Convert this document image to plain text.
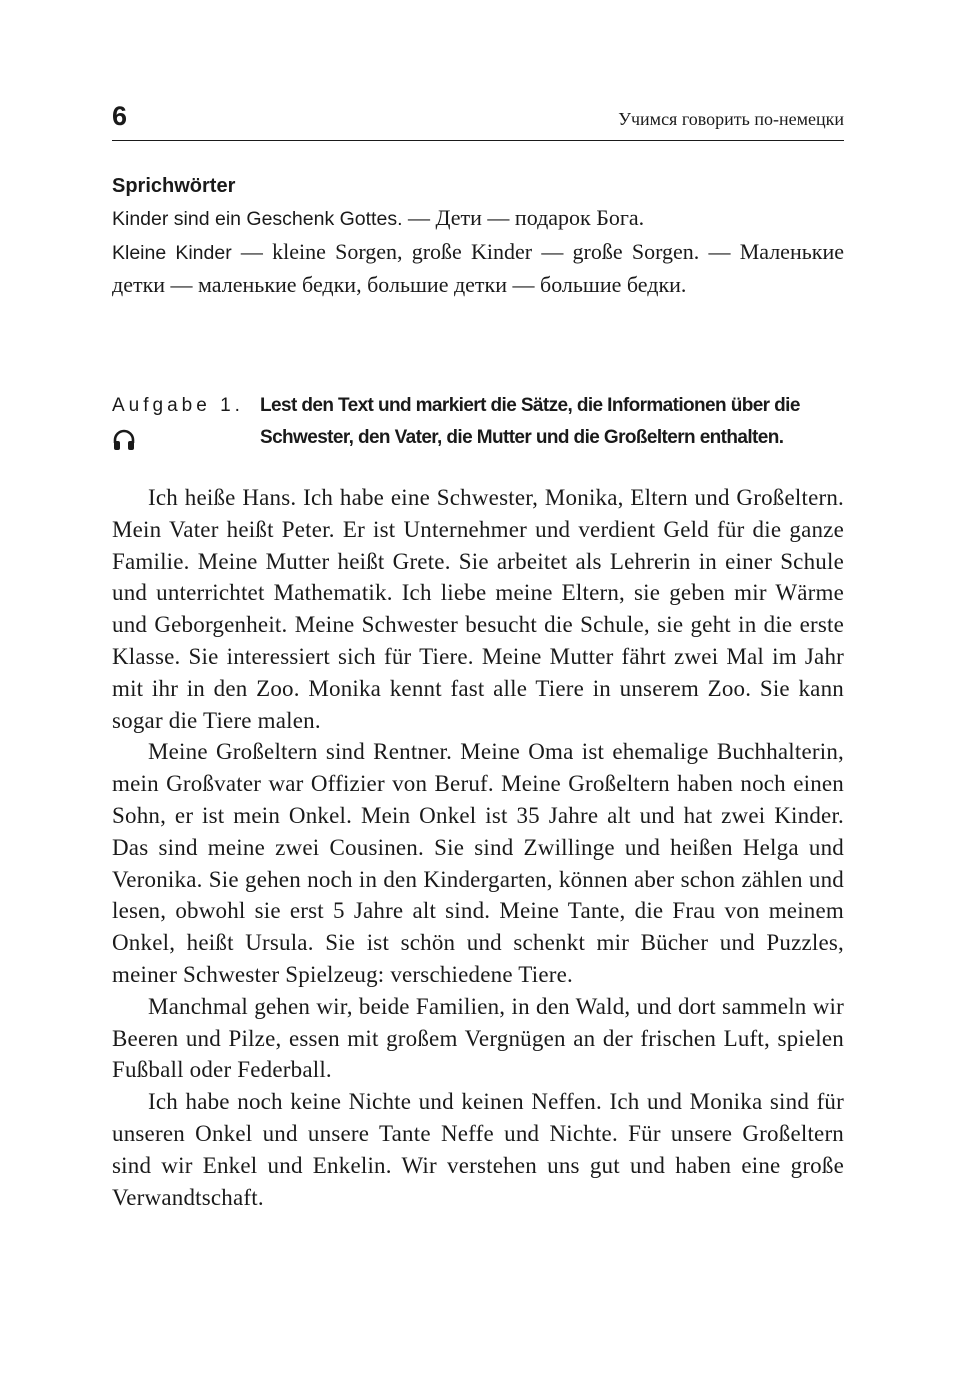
6	Учимся говорить по-немецки
Sprichwörter
Kinder sind ein Geschenk Gottes. — Дети — подарок Бога.
Kleine Kinder — kleine Sorgen, große Kinder — große Sorgen. — Маленькие детки — маленькие бедки, большие детки — большие бедки.
Aufgabe 1. Lest den Text und markiert die Sätze, die Informationen über die Schwester, den Vater, die Mutter und die Großeltern enthalten.

Ich heiße Hans. Ich habe eine Schwester, Monika, Eltern und Großeltern. Mein Vater heißt Peter. Er ist Unternehmer und verdient Geld für die ganze Familie. Meine Mutter heißt Grete. Sie arbeitet als Lehrerin in einer Schule und unterrichtet Mathematik. Ich liebe meine Eltern, sie geben mir Wärme und Geborgenheit. Meine Schwester besucht die Schule, sie geht in die erste Klasse. Sie interessiert sich für Tiere. Meine Mutter fährt zwei Mal im Jahr mit ihr in den Zoo. Monika kennt fast alle Tiere in unserem Zoo. Sie kann sogar die Tiere malen.

Meine Großeltern sind Rentner. Meine Oma ist ehemalige Buchhalterin, mein Großvater war Offizier von Beruf. Meine Großeltern haben noch einen Sohn, er ist mein Onkel. Mein Onkel ist 35 Jahre alt und hat zwei Kinder. Das sind meine zwei Cousinen. Sie sind Zwillinge und heißen Helga und Veronika. Sie gehen noch in den Kindergarten, können aber schon zählen und lesen, obwohl sie erst 5 Jahre alt sind. Meine Tante, die Frau von meinem Onkel, heißt Ursula. Sie ist schön und schenkt mir Bücher und Puzzles, meiner Schwester Spielzeug: verschiedene Tiere.

Manchmal gehen wir, beide Familien, in den Wald, und dort sammeln wir Beeren und Pilze, essen mit großem Vergnügen an der frischen Luft, spielen Fußball oder Federball.

Ich habe noch keine Nichte und keinen Neffen. Ich und Monika sind für unseren Onkel und unsere Tante Neffe und Nichte. Für unsere Großeltern sind wir Enkel und Enkelin. Wir verstehen uns gut und haben eine große Verwandtschaft.
